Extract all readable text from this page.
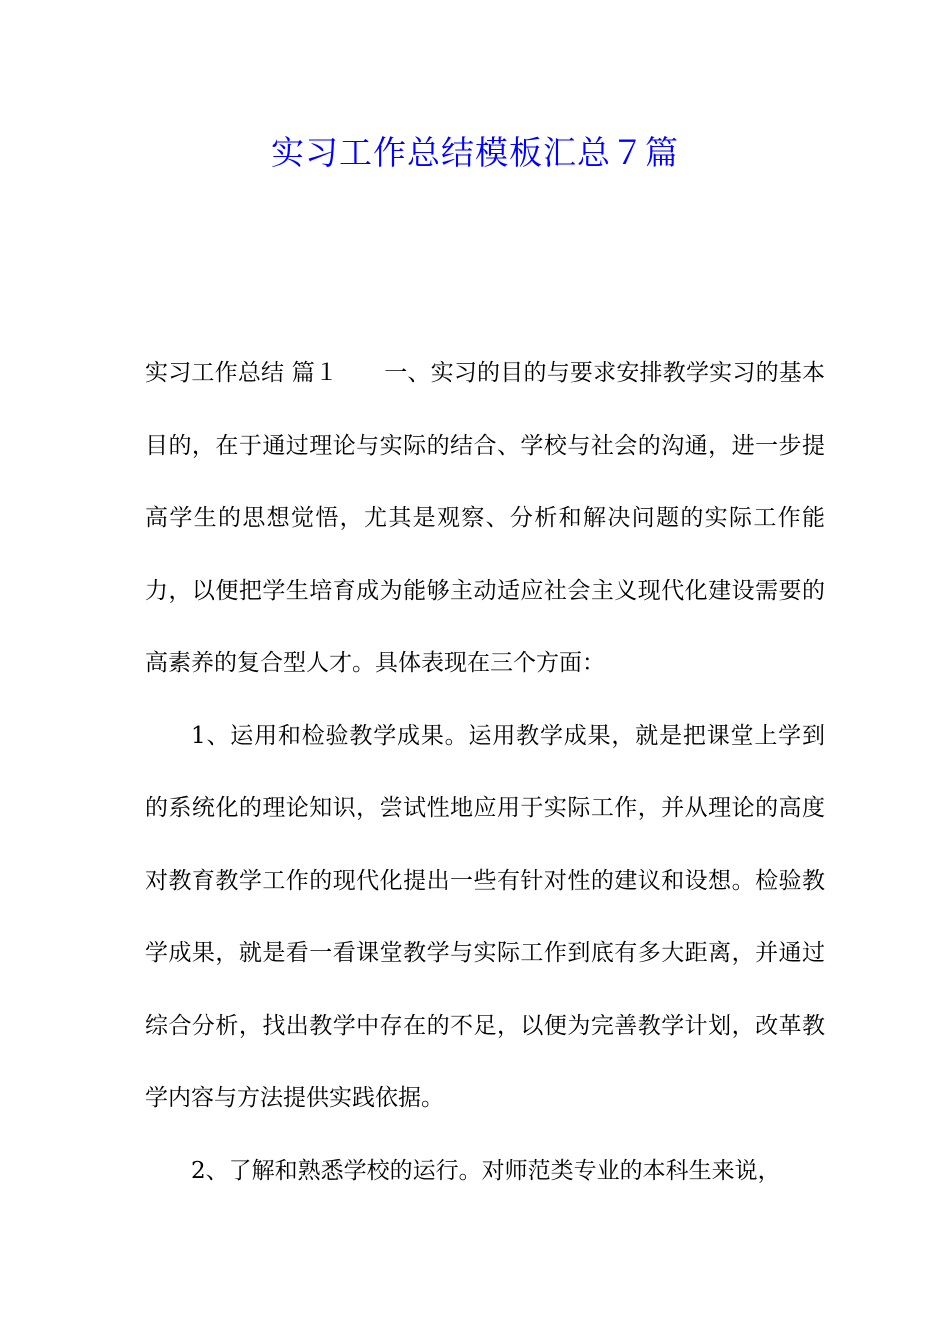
实习工作总结模板汇总７篇

实习工作总结 篇１ 一、实习的目的与要求安排教学实习的基本目的，在于通过理论与实际的结合、学校与社会的沟通，进一步提高学生的思想觉悟，尤其是观察、分析和解决问题的实际工作能力，以便把学生培育成为能够主动适应社会主义现代化建设需要的高素养的复合型人才。具体表现在三个方面：

1、运用和检验教学成果。运用教学成果，就是把课堂上学到的系统化的理论知识，尝试性地应用于实际工作，并从理论的高度对教育教学工作的现代化提出一些有针对性的建议和设想。检验教学成果，就是看一看课堂教学与实际工作到底有多大距离，并通过综合分析，找出教学中存在的不足，以便为完善教学计划，改革教学内容与方法提供实践依据。

2、了解和熟悉学校的运行。对师范类专业的本科生来说，
